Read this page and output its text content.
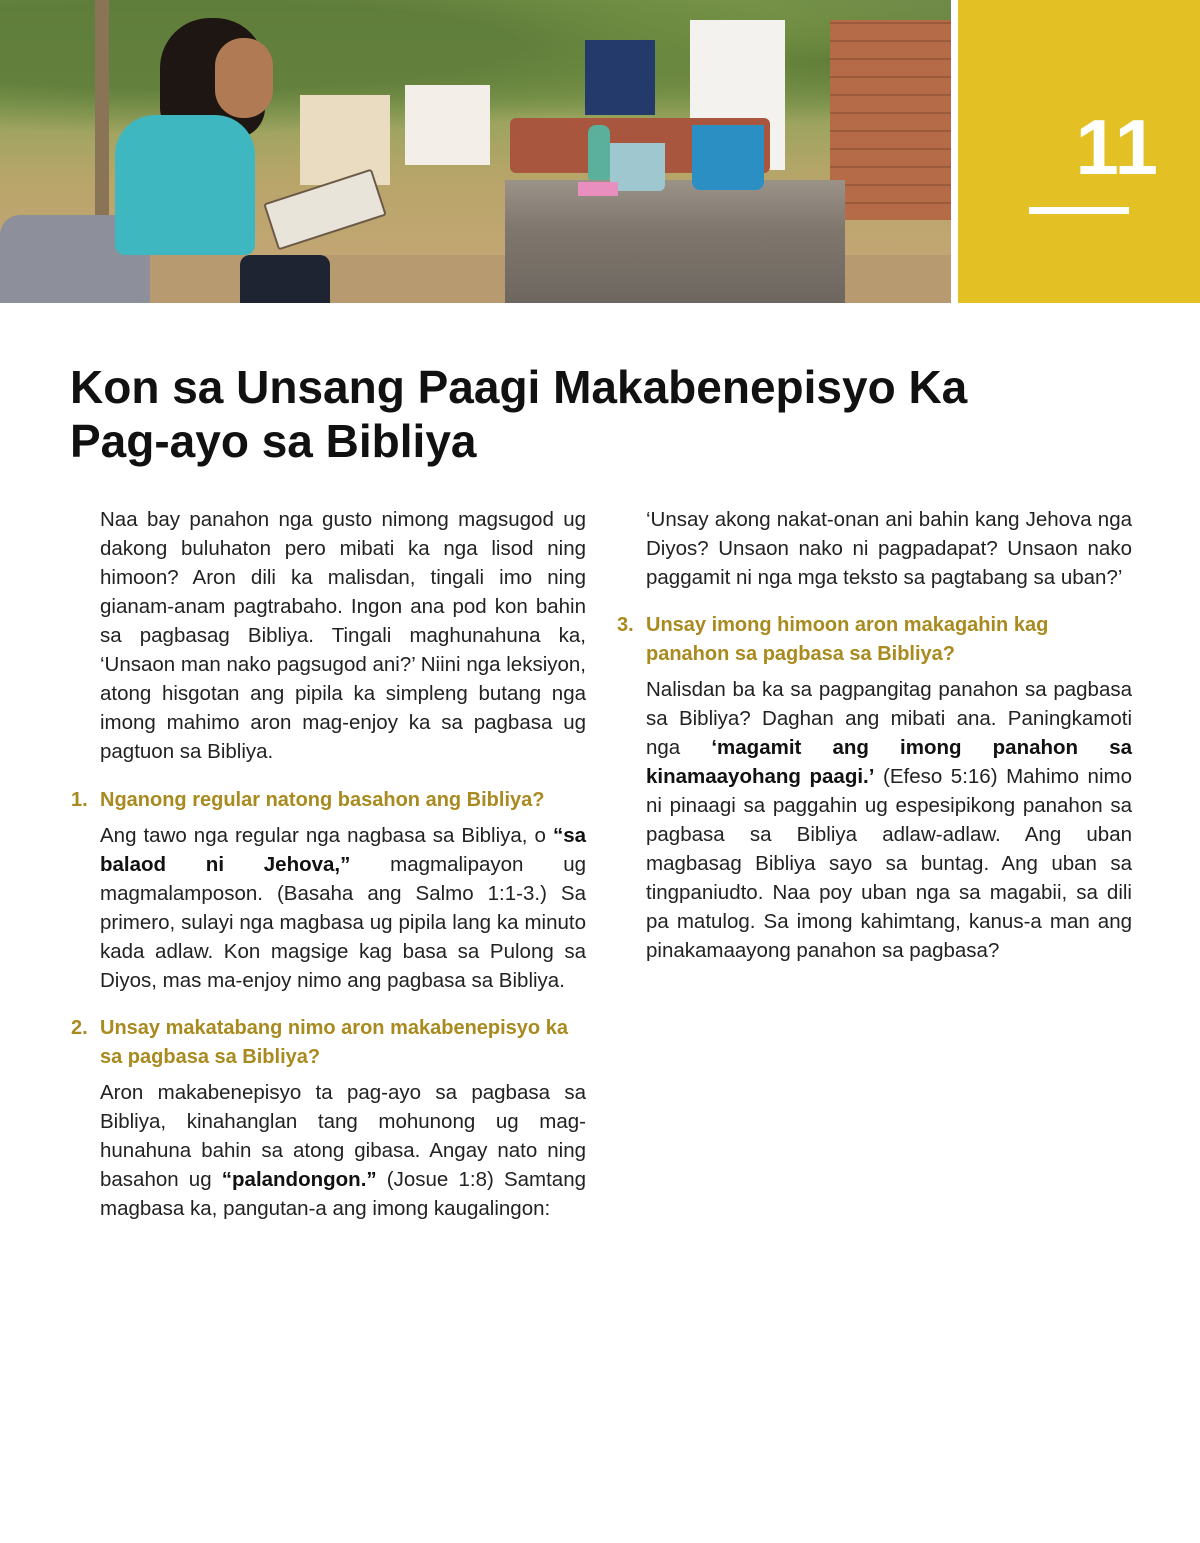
11
Kon sa Unsang Paagi Makabenepisyo Ka Pag-ayo sa Bibliya

Naa bay panahon nga gusto nimong magsugod ug dakong buluhaton pero mibati ka nga lisod ning himoon? Aron dili ka malisdan, tingali imo ning gianam-anam pagtrabaho. Ingon ana pod kon bahin sa pagbasag Bibliya. Tingali maghunahuna ka, ‘Unsaon man nako pagsugod ani?’ Niini nga leksiyon, atong hisgotan ang pipila ka simpleng butang nga imong mahimo aron mag-enjoy ka sa pagbasa ug pagtuon sa Bibliya.

1. Nganong regular natong basahon ang Bibliya?

Ang tawo nga regular nga nagbasa sa Bibliya, o “sa balaod ni Jehova,” magmalipayon ug magmalamposon. (Basaha ang Salmo 1:1-3.) Sa primero, sulayi nga magbasa ug pipila lang ka minuto kada adlaw. Kon magsige kag basa sa Pulong sa Diyos, mas ma-enjoy nimo ang pagbasa sa Bibliya.

2. Unsay makatabang nimo aron makabenepisyo ka sa pagbasa sa Bibliya?

Aron makabenepisyo ta pag-ayo sa pagbasa sa Bibliya, kinahanglan tang mohunong ug maghunahuna bahin sa atong gibasa. Angay nato ning basahon ug “palandongon.” (Josue 1:8) Samtang magbasa ka, pangutan-a ang imong kaugalingon:

‘Unsay akong nakat-onan ani bahin kang Jehova nga Diyos? Unsaon nako ni pagpadapat? Unsaon nako paggamit ni nga mga teksto sa pagtabang sa uban?’

3. Unsay imong himoon aron makagahin kag panahon sa pagbasa sa Bibliya?

Nalisdan ba ka sa pagpangitag panahon sa pagbasa sa Bibliya? Daghan ang mibati ana. Paningkamoti nga ‘magamit ang imong panahon sa kinamaayohang paagi.’ (Efeso 5:16) Mahimo nimo ni pinaagi sa paggahin ug espesipikong panahon sa pagbasa sa Bibliya adlaw-adlaw. Ang uban magbasag Bibliya sayo sa buntag. Ang uban sa tingpaniudto. Naa poy uban nga sa magabii, sa dili pa matulog. Sa imong kahimtang, kanus-a man ang pinakamaayong panahon sa pagbasa?
